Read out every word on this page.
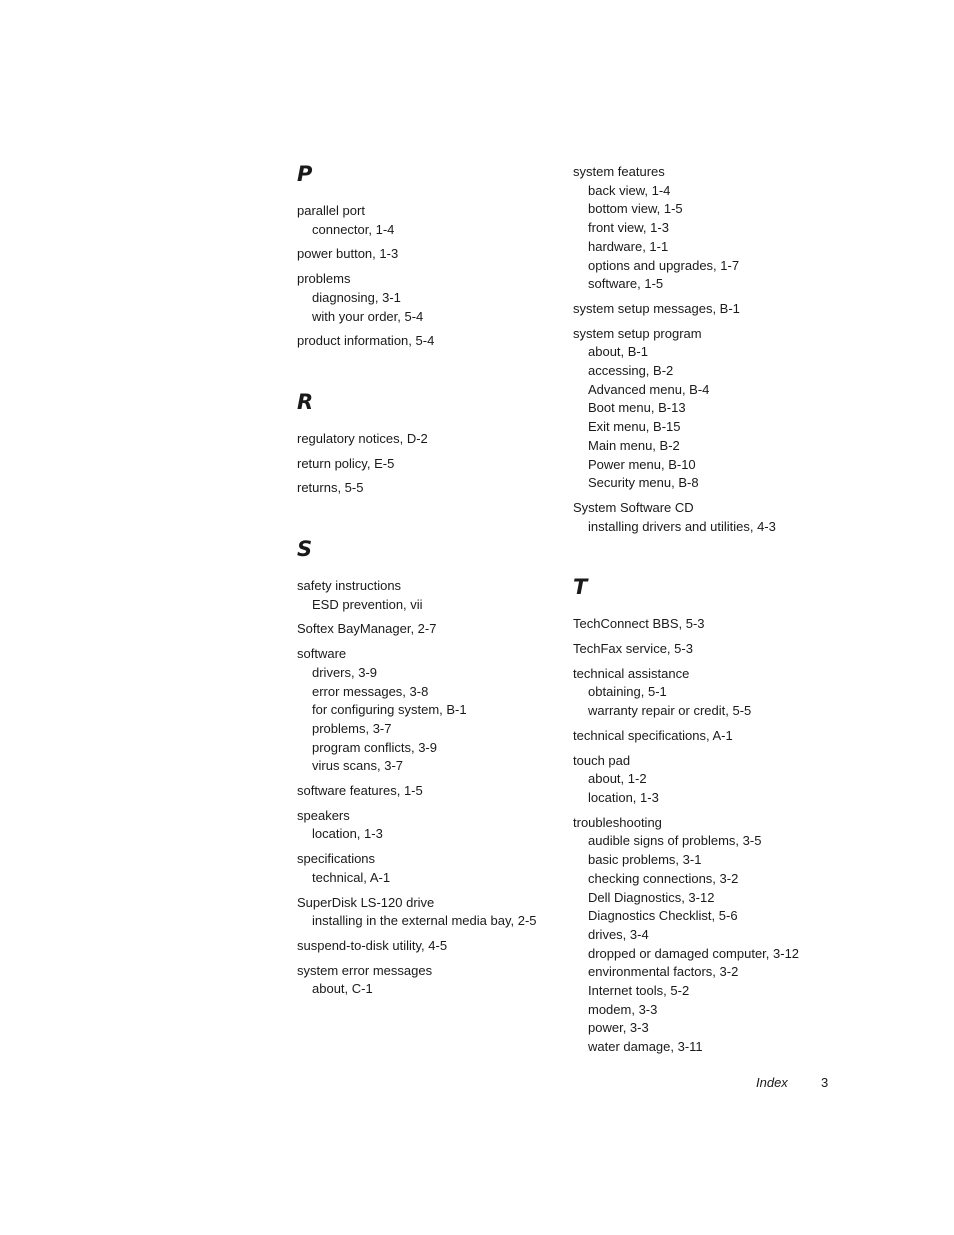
P
parallel port
connector, 1-4
power button, 1-3
problems
diagnosing, 3-1
with your order, 5-4
product information, 5-4
R
regulatory notices, D-2
return policy, E-5
returns, 5-5
S
safety instructions
ESD prevention, vii
Softex BayManager, 2-7
software
drivers, 3-9
error messages, 3-8
for configuring system, B-1
problems, 3-7
program conflicts, 3-9
virus scans, 3-7
software features, 1-5
speakers
location, 1-3
specifications
technical, A-1
SuperDisk LS-120 drive
installing in the external media bay, 2-5
suspend-to-disk utility, 4-5
system error messages
about, C-1
system features
back view, 1-4
bottom view, 1-5
front view, 1-3
hardware, 1-1
options and upgrades, 1-7
software, 1-5
system setup messages, B-1
system setup program
about, B-1
accessing, B-2
Advanced menu, B-4
Boot menu, B-13
Exit menu, B-15
Main menu, B-2
Power menu, B-10
Security menu, B-8
System Software CD
installing drivers and utilities, 4-3
T
TechConnect BBS, 5-3
TechFax service, 5-3
technical assistance
obtaining, 5-1
warranty repair or credit, 5-5
technical specifications, A-1
touch pad
about, 1-2
location, 1-3
troubleshooting
audible signs of problems, 3-5
basic problems, 3-1
checking connections, 3-2
Dell Diagnostics, 3-12
Diagnostics Checklist, 5-6
drives, 3-4
dropped or damaged computer, 3-12
environmental factors, 3-2
Internet tools, 5-2
modem, 3-3
power, 3-3
water damage, 3-11
Index	3
